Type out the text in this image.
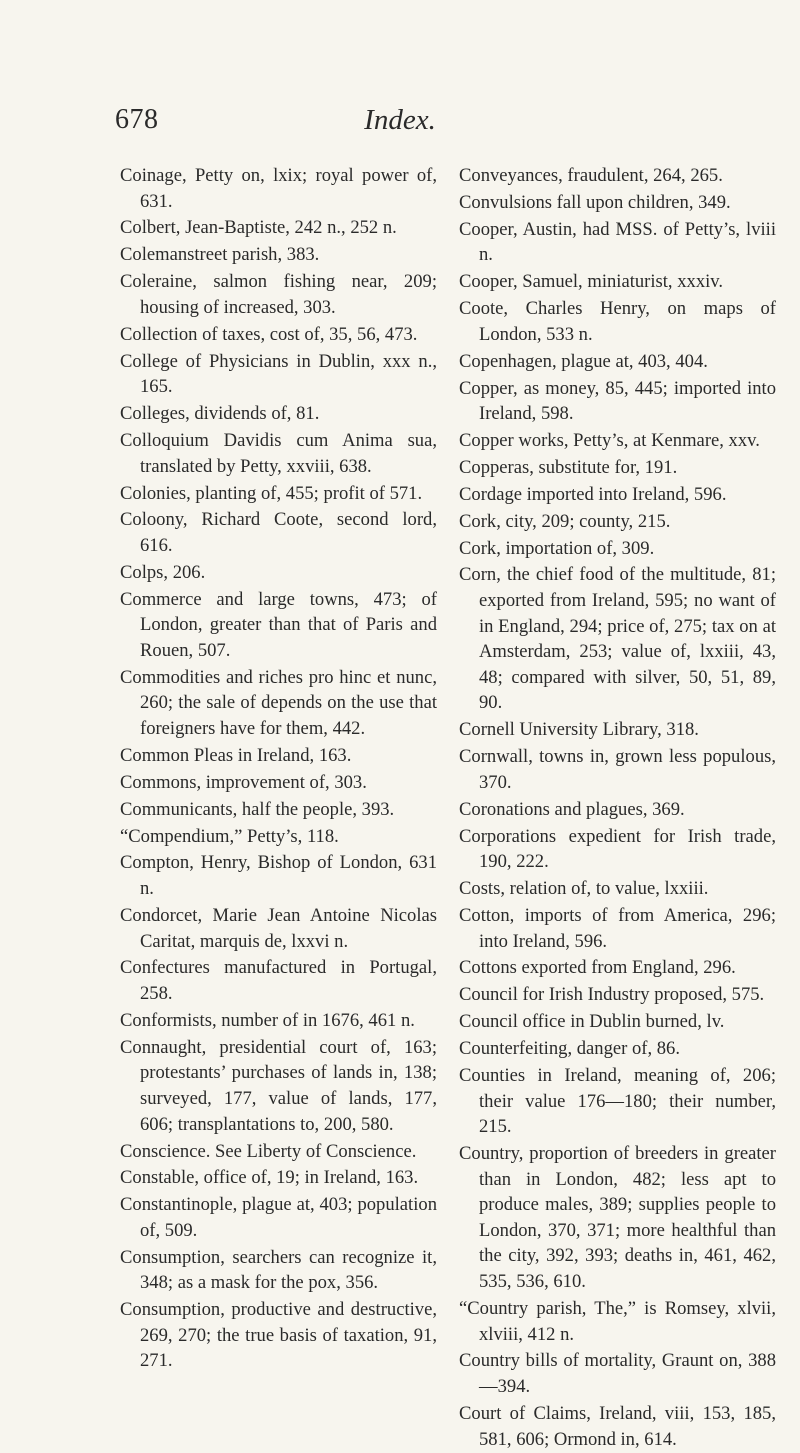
678	Index.
Coinage, Petty on, lxix; royal power of, 631.
Colbert, Jean-Baptiste, 242 n., 252 n.
Colemanstreet parish, 383.
Coleraine, salmon fishing near, 209; housing of increased, 303.
Collection of taxes, cost of, 35, 56, 473.
College of Physicians in Dublin, xxx n., 165.
Colleges, dividends of, 81.
Colloquium Davidis cum Anima sua, translated by Petty, xxviii, 638.
Colonies, planting of, 455; profit of 571.
Coloony, Richard Coote, second lord, 616.
Colps, 206.
Commerce and large towns, 473; of London, greater than that of Paris and Rouen, 507.
Commodities and riches pro hinc et nunc, 260; the sale of depends on the use that foreigners have for them, 442.
Common Pleas in Ireland, 163.
Commons, improvement of, 303.
Communicants, half the people, 393.
“Compendium,” Petty’s, 118.
Compton, Henry, Bishop of London, 631 n.
Condorcet, Marie Jean Antoine Nicolas Caritat, marquis de, lxxvi n.
Confectures manufactured in Portugal, 258.
Conformists, number of in 1676, 461 n.
Connaught, presidential court of, 163; protestants’ purchases of lands in, 138; surveyed, 177, value of lands, 177, 606; transplantations to, 200, 580.
Conscience. See Liberty of Conscience.
Constable, office of, 19; in Ireland, 163.
Constantinople, plague at, 403; population of, 509.
Consumption, searchers can recognize it, 348; as a mask for the pox, 356.
Consumption, productive and destructive, 269, 270; the true basis of taxation, 91, 271.
Conveyances, fraudulent, 264, 265.
Convulsions fall upon children, 349.
Cooper, Austin, had MSS. of Petty’s, lviii n.
Cooper, Samuel, miniaturist, xxxiv.
Coote, Charles Henry, on maps of London, 533 n.
Copenhagen, plague at, 403, 404.
Copper, as money, 85, 445; imported into Ireland, 598.
Copper works, Petty’s, at Kenmare, xxv.
Copperas, substitute for, 191.
Cordage imported into Ireland, 596.
Cork, city, 209; county, 215.
Cork, importation of, 309.
Corn, the chief food of the multitude, 81; exported from Ireland, 595; no want of in England, 294; price of, 275; tax on at Amsterdam, 253; value of, lxxiii, 43, 48; compared with silver, 50, 51, 89, 90.
Cornell University Library, 318.
Cornwall, towns in, grown less populous, 370.
Coronations and plagues, 369.
Corporations expedient for Irish trade, 190, 222.
Costs, relation of, to value, lxxiii.
Cotton, imports of from America, 296; into Ireland, 596.
Cottons exported from England, 296.
Council for Irish Industry proposed, 575.
Council office in Dublin burned, lv.
Counterfeiting, danger of, 86.
Counties in Ireland, meaning of, 206; their value 176—180; their number, 215.
Country, proportion of breeders in greater than in London, 482; less apt to produce males, 389; supplies people to London, 370, 371; more healthful than the city, 392, 393; deaths in, 461, 462, 535, 536, 610.
“Country parish, The,” is Romsey, xlvii, xlviii, 412 n.
Country bills of mortality, Graunt on, 388—394.
Court of Claims, Ireland, viii, 153, 185, 581, 606; Ormond in, 614.
